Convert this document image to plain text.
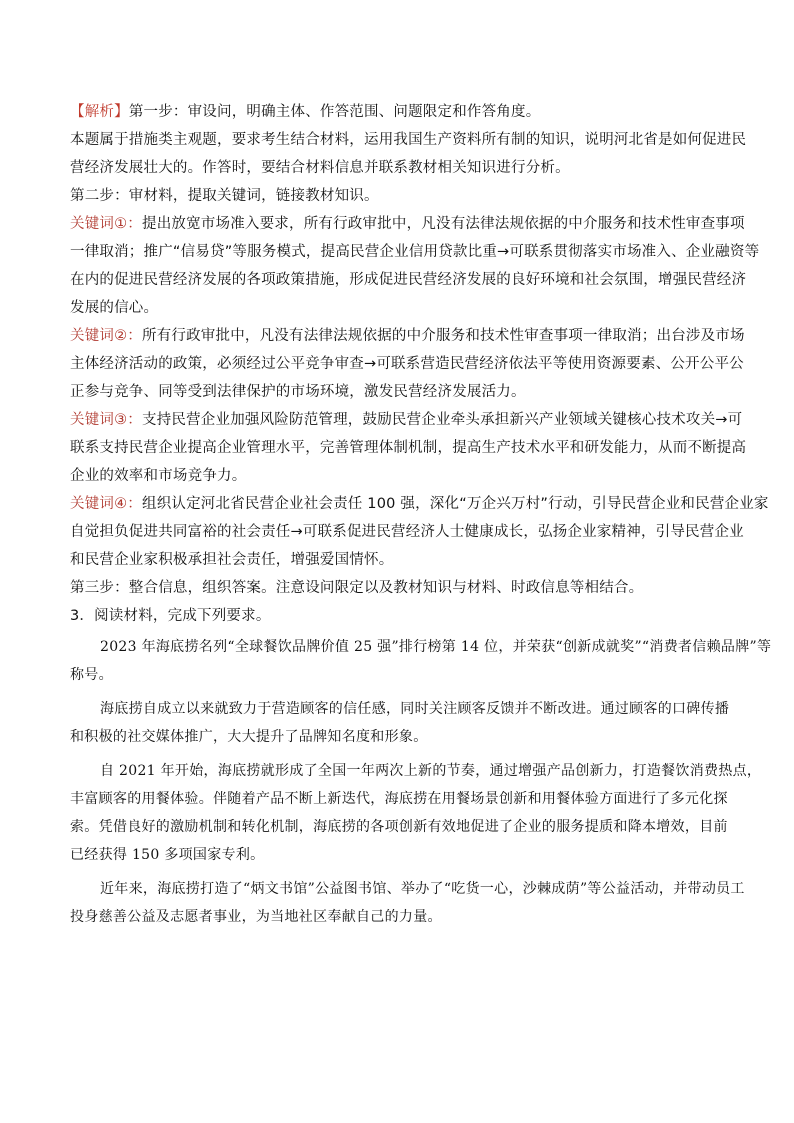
【解析】第一步：审设问，明确主体、作答范围、问题限定和作答角度。

本题属于措施类主观题，要求考生结合材料，运用我国生产资料所有制的知识，说明河北省是如何促进民

营经济发展壮大的。作答时，要结合材料信息并联系教材相关知识进行分析。

第二步：审材料，提取关键词，链接教材知识。

关键词①：提出放宽市场准入要求，所有行政审批中，凡没有法律法规依据的中介服务和技术性审查事项

一律取消；推广“信易贷”等服务模式，提高民营企业信用贷款比重→可联系贯彻落实市场准入、企业融资等

在内的促进民营经济发展的各项政策措施，形成促进民营经济发展的良好环境和社会氛围，增强民营经济

发展的信心。

关键词②：所有行政审批中，凡没有法律法规依据的中介服务和技术性审查事项一律取消；出台涉及市场

主体经济活动的政策，必须经过公平竞争审查→可联系营造民营经济依法平等使用资源要素、公开公平公

正参与竞争、同等受到法律保护的市场环境，激发民营经济发展活力。

关键词③：支持民营企业加强风险防范管理，鼓励民营企业牵头承担新兴产业领域关键核心技术攻关→可

联系支持民营企业提高企业管理水平，完善管理体制机制，提高生产技术水平和研发能力，从而不断提高

企业的效率和市场竞争力。

关键词④：组织认定河北省民营企业社会责任 100 强，深化“万企兴万村”行动，引导民营企业和民营企业家

自觉担负促进共同富裕的社会责任→可联系促进民营经济人士健康成长，弘扬企业家精神，引导民营企业

和民营企业家积极承担社会责任，增强爱国情怀。

第三步：整合信息，组织答案。注意设问限定以及教材知识与材料、时政信息等相结合。

3．阅读材料，完成下列要求。

2023 年海底捞名列“全球餐饮品牌价值 25 强”排行榜第 14 位，并荣获“创新成就奖”“消费者信赖品牌”等

称号。

海底捞自成立以来就致力于营造顾客的信任感，同时关注顾客反馈并不断改进。通过顾客的口碑传播

和积极的社交媒体推广，大大提升了品牌知名度和形象。

自 2021 年开始，海底捞就形成了全国一年两次上新的节奏，通过增强产品创新力，打造餐饮消费热点，

丰富顾客的用餐体验。伴随着产品不断上新迭代，海底捞在用餐场景创新和用餐体验方面进行了多元化探

索。凭借良好的激励机制和转化机制，海底捞的各项创新有效地促进了企业的服务提质和降本增效，目前

已经获得 150 多项国家专利。

近年来，海底捞打造了“炳文书馆”公益图书馆、举办了“吃货一心，沙棘成荫”等公益活动，并带动员工

投身慈善公益及志愿者事业，为当地社区奉献自己的力量。
